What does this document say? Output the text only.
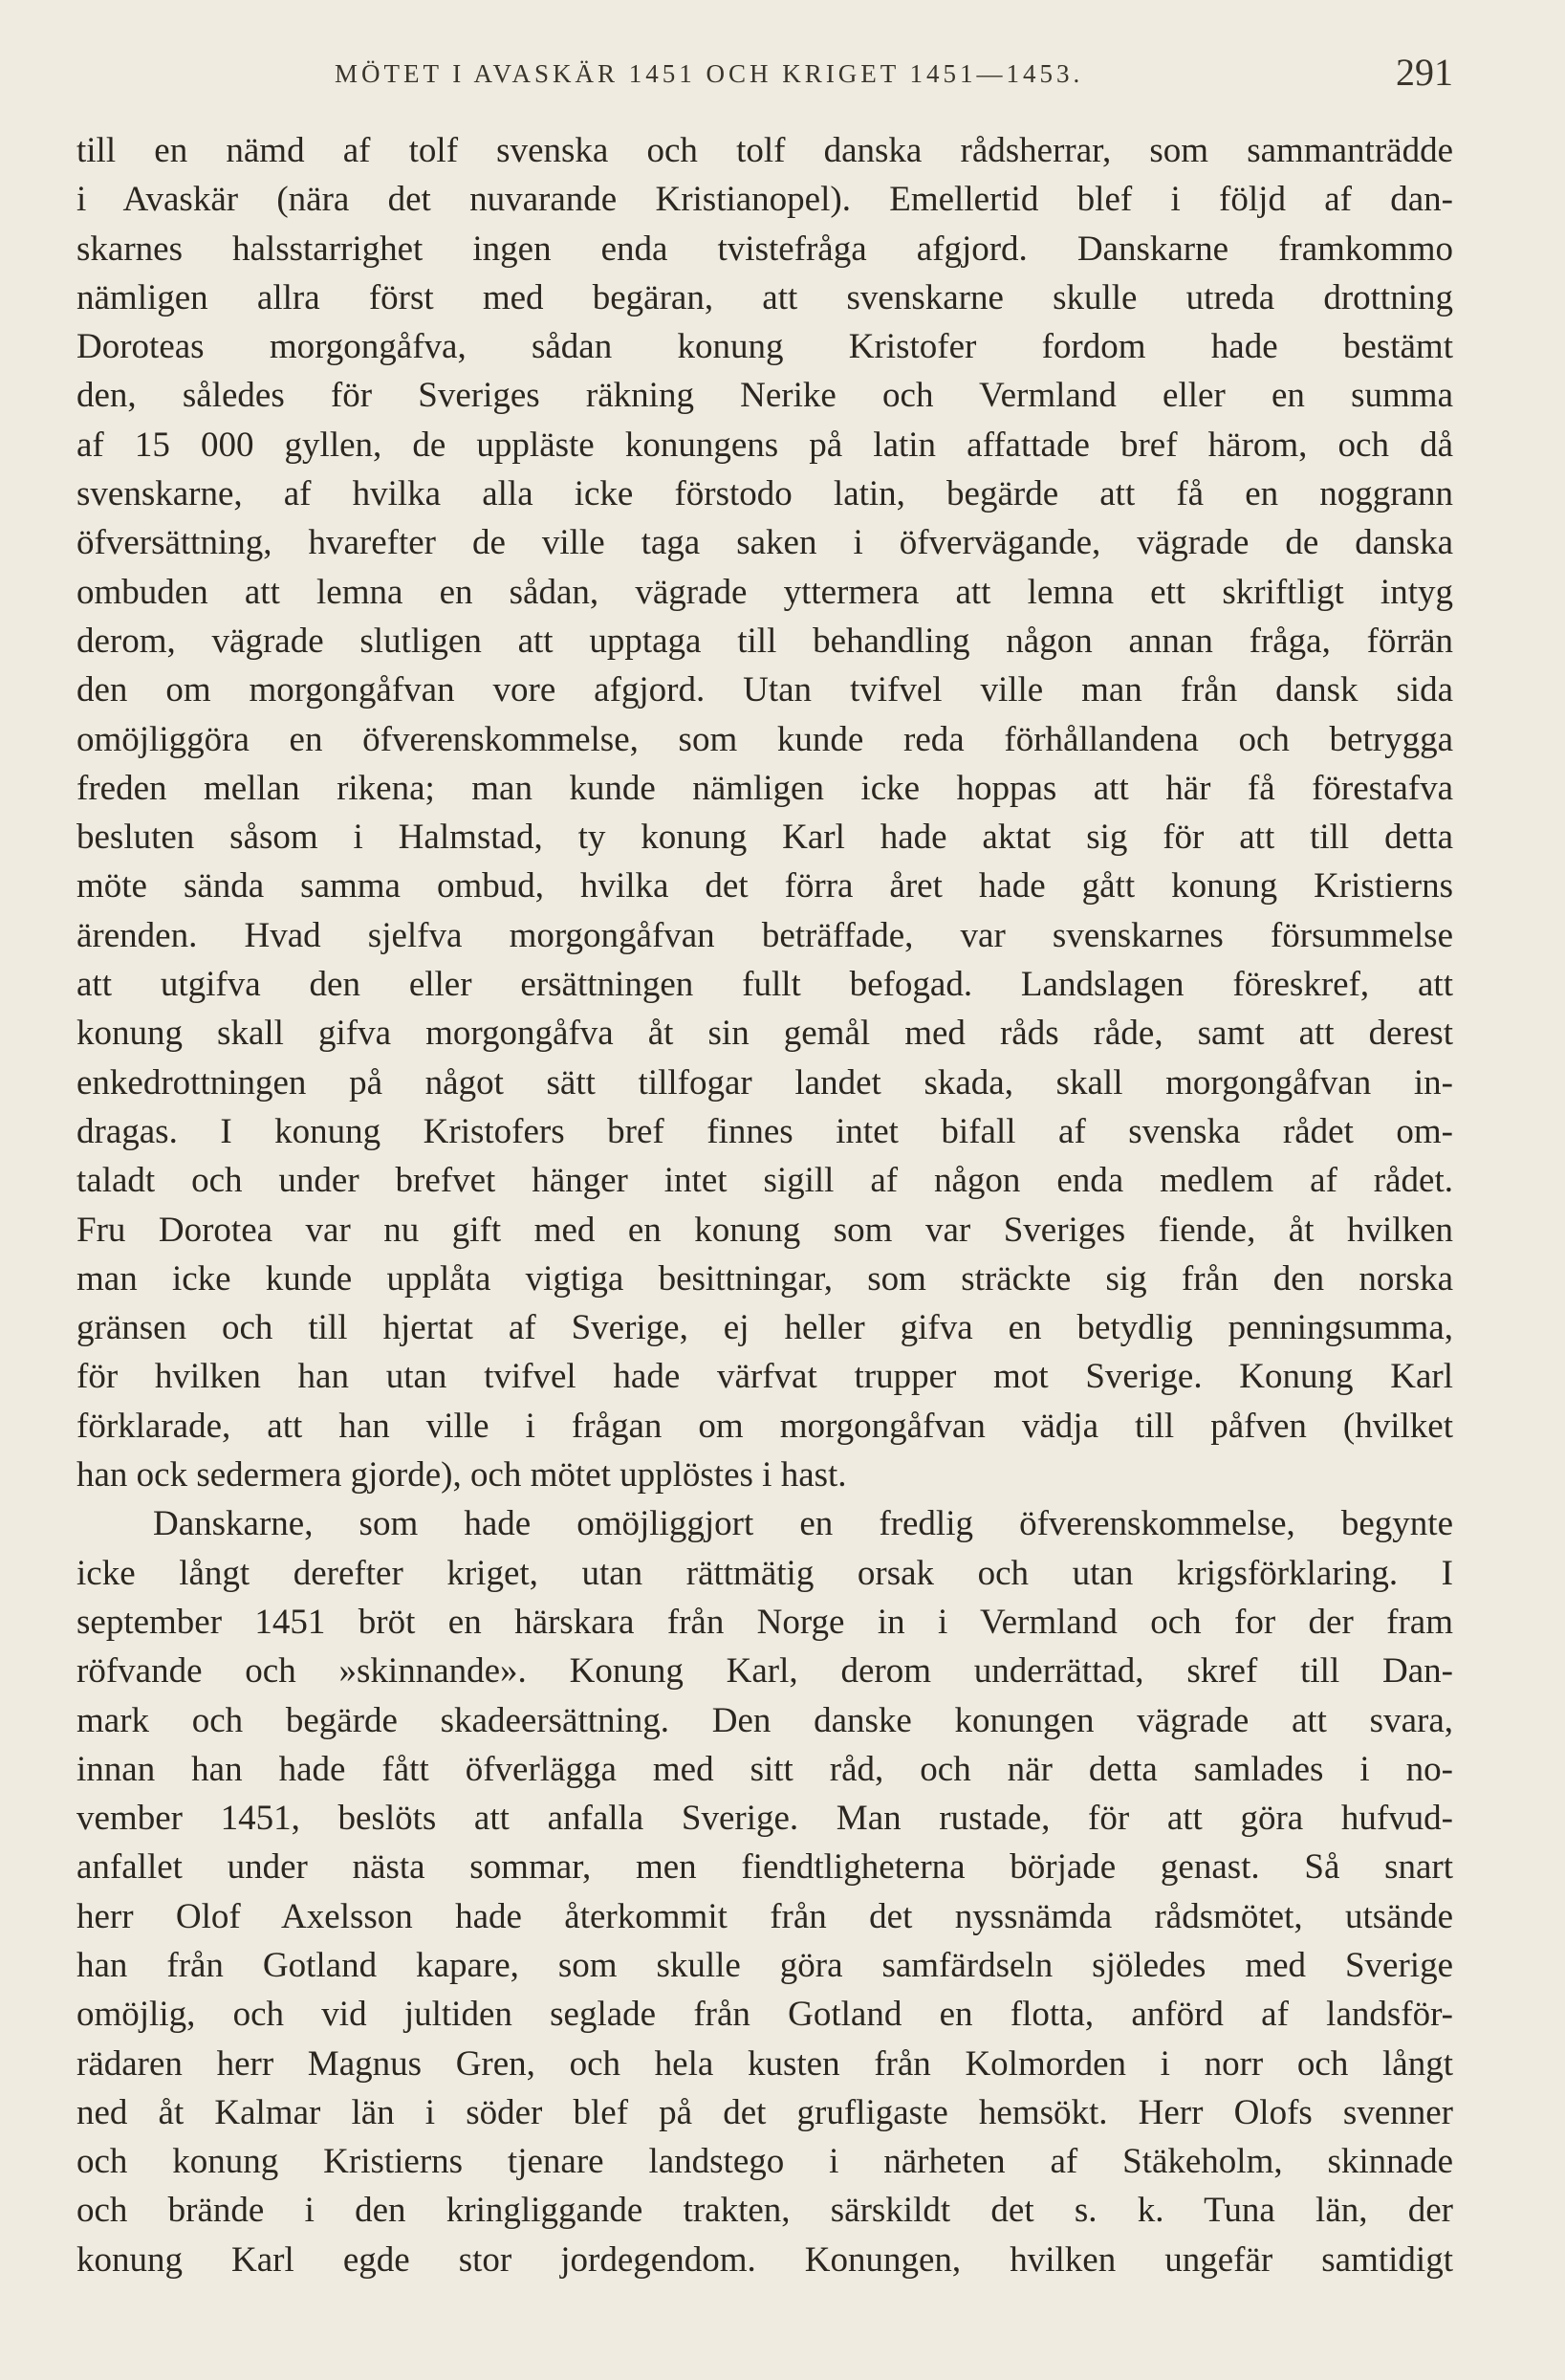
MÖTET I AVASKÄR 1451 OCH KRIGET 1451—1453.	291
till en nämd af tolf svenska och tolf danska rådsherrar, som sammanträdde
i Avaskär (nära det nuvarande Kristianopel). Emellertid blef i följd af dan-
skarnes halsstarrighet ingen enda tvistefråga afgjord. Danskarne framkommo
nämligen allra först med begäran, att svenskarne skulle utreda drottning
Doroteas morgongåfva, sådan konung Kristofer fordom hade bestämt
den, således för Sveriges räkning Nerike och Vermland eller en summa
af 15 000 gyllen, de uppläste konungens på latin affattade bref härom, och då
svenskarne, af hvilka alla icke förstodo latin, begärde att få en noggrann
öfversättning, hvarefter de ville taga saken i öfvervägande, vägrade de danska
ombuden att lemna en sådan, vägrade yttermera att lemna ett skriftligt intyg
derom, vägrade slutligen att upptaga till behandling någon annan fråga, förrän
den om morgongåfvan vore afgjord. Utan tvifvel ville man från dansk sida
omöjliggöra en öfverenskommelse, som kunde reda förhållandena och betrygga
freden mellan rikena; man kunde nämligen icke hoppas att här få förestafva
besluten såsom i Halmstad, ty konung Karl hade aktat sig för att till detta
möte sända samma ombud, hvilka det förra året hade gått konung Kristierns
ärenden. Hvad sjelfva morgongåfvan beträffade, var svenskarnes försummelse
att utgifva den eller ersättningen fullt befogad. Landslagen föreskref, att
konung skall gifva morgongåfva åt sin gemål med råds råde, samt att derest
enkedrottningen på något sätt tillfogar landet skada, skall morgongåfvan in-
dragas. I konung Kristofers bref finnes intet bifall af svenska rådet om-
taladt och under brefvet hänger intet sigill af någon enda medlem af rådet.
Fru Dorotea var nu gift med en konung som var Sveriges fiende, åt hvilken
man icke kunde upplåta vigtiga besittningar, som sträckte sig från den norska
gränsen och till hjertat af Sverige, ej heller gifva en betydlig penningsumma,
för hvilken han utan tvifvel hade värfvat trupper mot Sverige. Konung Karl
förklarade, att han ville i frågan om morgongåfvan vädja till påfven (hvilket
han ock sedermera gjorde), och mötet upplöstes i hast.
Danskarne, som hade omöjliggjort en fredlig öfverenskommelse, begynte
icke långt derefter kriget, utan rättmätig orsak och utan krigsförklaring. I
september 1451 bröt en härskara från Norge in i Vermland och for der fram
röfvande och »skinnande». Konung Karl, derom underrättad, skref till Dan-
mark och begärde skadeersättning. Den danske konungen vägrade att svara,
innan han hade fått öfverlägga med sitt råd, och när detta samlades i no-
vember 1451, beslöts att anfalla Sverige. Man rustade, för att göra hufvud-
anfallet under nästa sommar, men fiendtligheterna började genast. Så snart
herr Olof Axelsson hade återkommit från det nyssnämda rådsmötet, utsände
han från Gotland kapare, som skulle göra samfärdseln sjöledes med Sverige
omöjlig, och vid jultiden seglade från Gotland en flotta, anförd af landsför-
rädaren herr Magnus Gren, och hela kusten från Kolmorden i norr och långt
ned åt Kalmar län i söder blef på det grufligaste hemsökt. Herr Olofs svenner
och konung Kristierns tjenare landstego i närheten af Stäkeholm, skinnade
och brände i den kringliggande trakten, särskildt det s. k. Tuna län, der
konung Karl egde stor jordegendom. Konungen, hvilken ungefär samtidigt
